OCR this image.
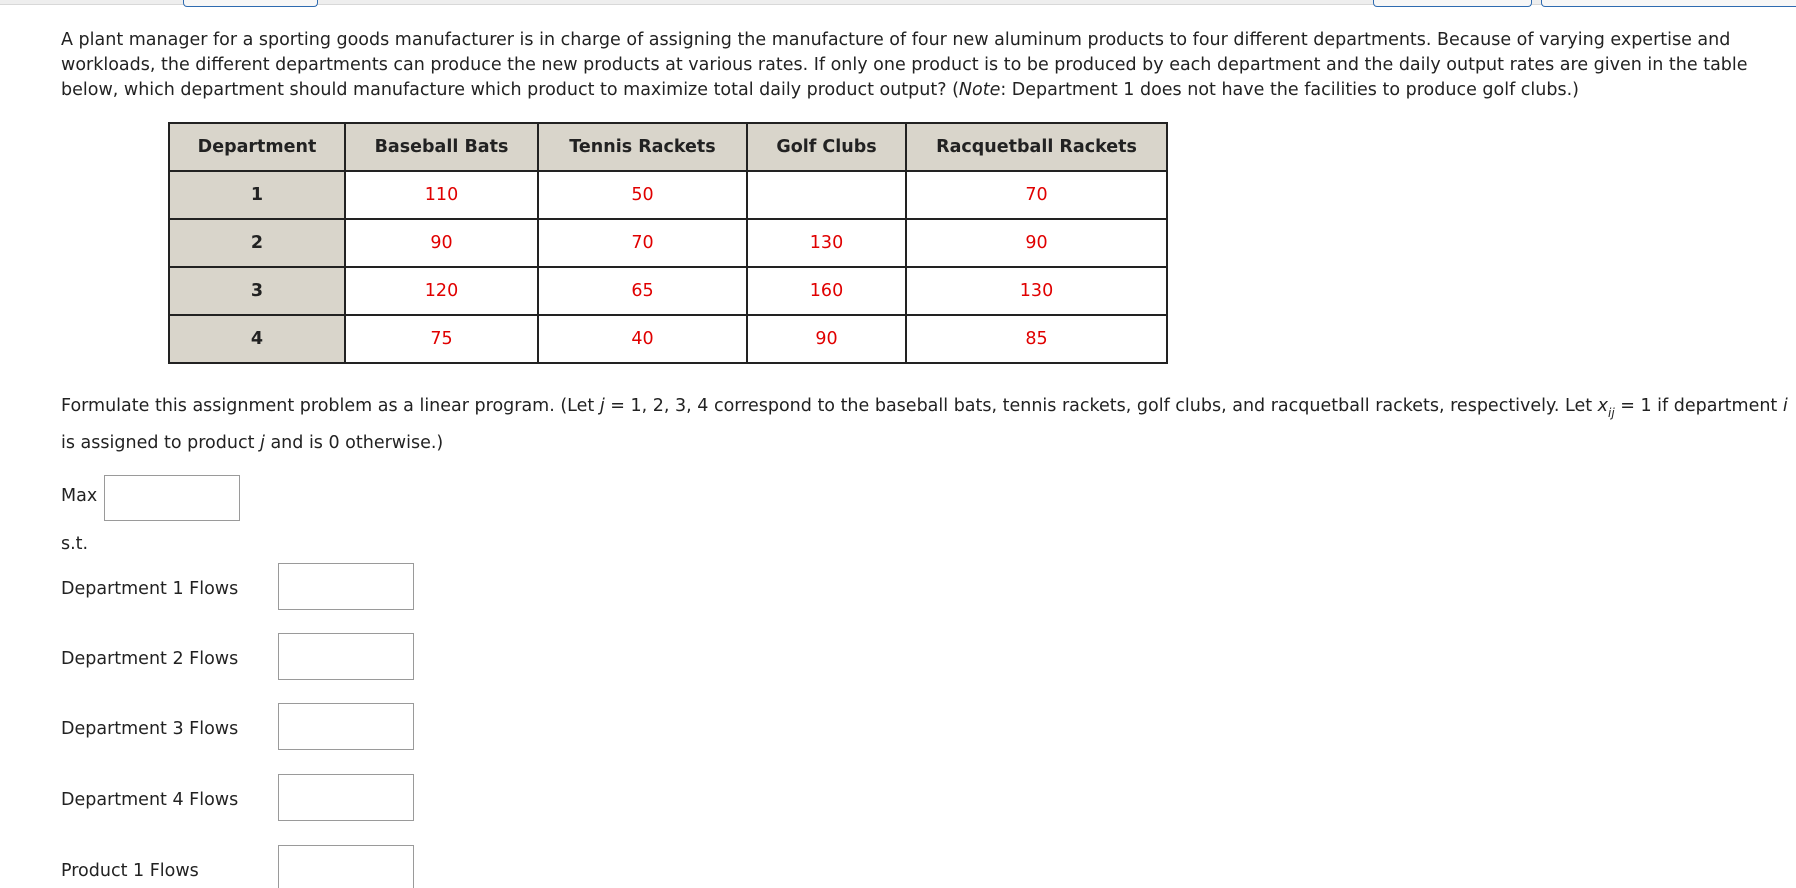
A plant manager for a sporting goods manufacturer is in charge of assigning the manufacture of four new aluminum products to four different departments. Because of varying expertise and workloads, the different departments can produce the new products at various rates. If only one product is to be produced by each department and the daily output rates are given in the table below, which department should manufacture which product to maximize total daily product output? (Note: Department 1 does not have the facilities to produce golf clubs.)

Department	Baseball Bats	Tennis Rackets	Golf Clubs	Racquetball Rackets
1	110	50		70
2	90	70	130	90
3	120	65	160	130
4	75	40	90	85

Formulate this assignment problem as a linear program. (Let j = 1, 2, 3, 4 correspond to the baseball bats, tennis rackets, golf clubs, and racquetball rackets, respectively. Let $x_{ij} = 1$ if department i is assigned to product j and is 0 otherwise.)

Max
s.t.
Department 1 Flows
Department 2 Flows
Department 3 Flows
Department 4 Flows
Product 1 Flows
